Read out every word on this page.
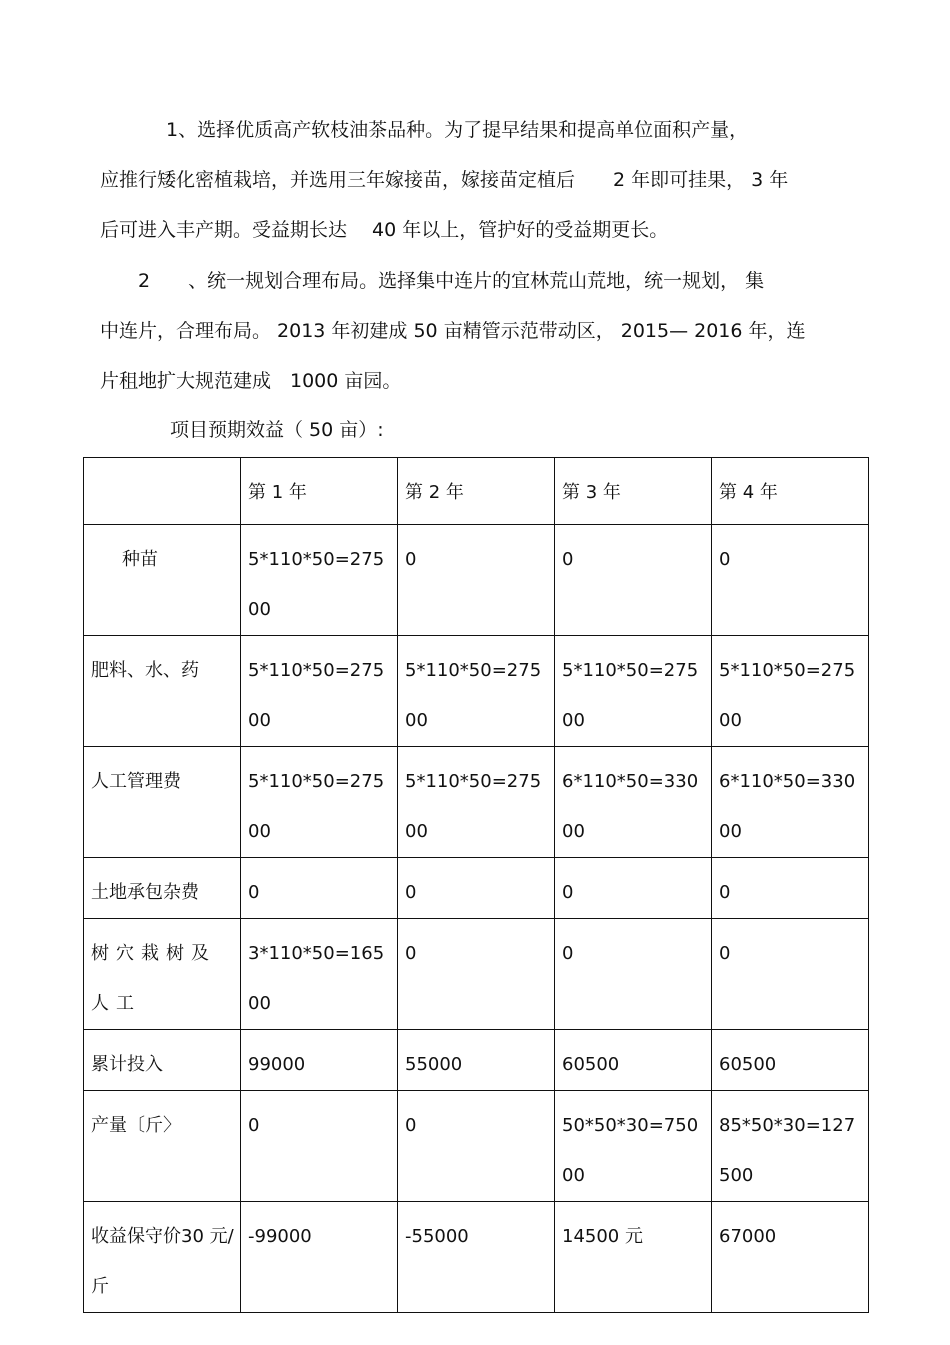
1、选择优质高产软枝油茶品种。为了提早结果和提高单位面积产量，
应推行矮化密植栽培，并选用三年嫁接苗，嫁接苗定植后　　2 年即可挂果， 3 年
后可进入丰产期。受益期长达　 40 年以上，管护好的受益期更长。
2　　、统一规划合理布局。选择集中连片的宜林荒山荒地，统一规划， 集
中连片，合理布局。 2013 年初建成 50 亩精管示范带动区， 2015— 2016 年，连
片租地扩大规范建成　1000 亩园。
项目预期效益（ 50 亩）:
	第 1 年	第 2 年	第 3 年	第 4 年
种苗	5*110*50=27500	0	0	0
肥料、水、药	5*110*50=27500	5*110*50=27500	5*110*50=27500	5*110*50=27500
人工管理费	5*110*50=27500	5*110*50=27500	6*110*50=33000	6*110*50=33000
土地承包杂费	0	0	0	0
树穴栽树及人工	3*110*50=16500	0	0	0
累计投入	99000	55000	60500	60500
产量〔斤〉	0	0	50*50*30=75000	85*50*30=127500
收益保守价30 元/ 斤	-99000	-55000	14500 元	67000
